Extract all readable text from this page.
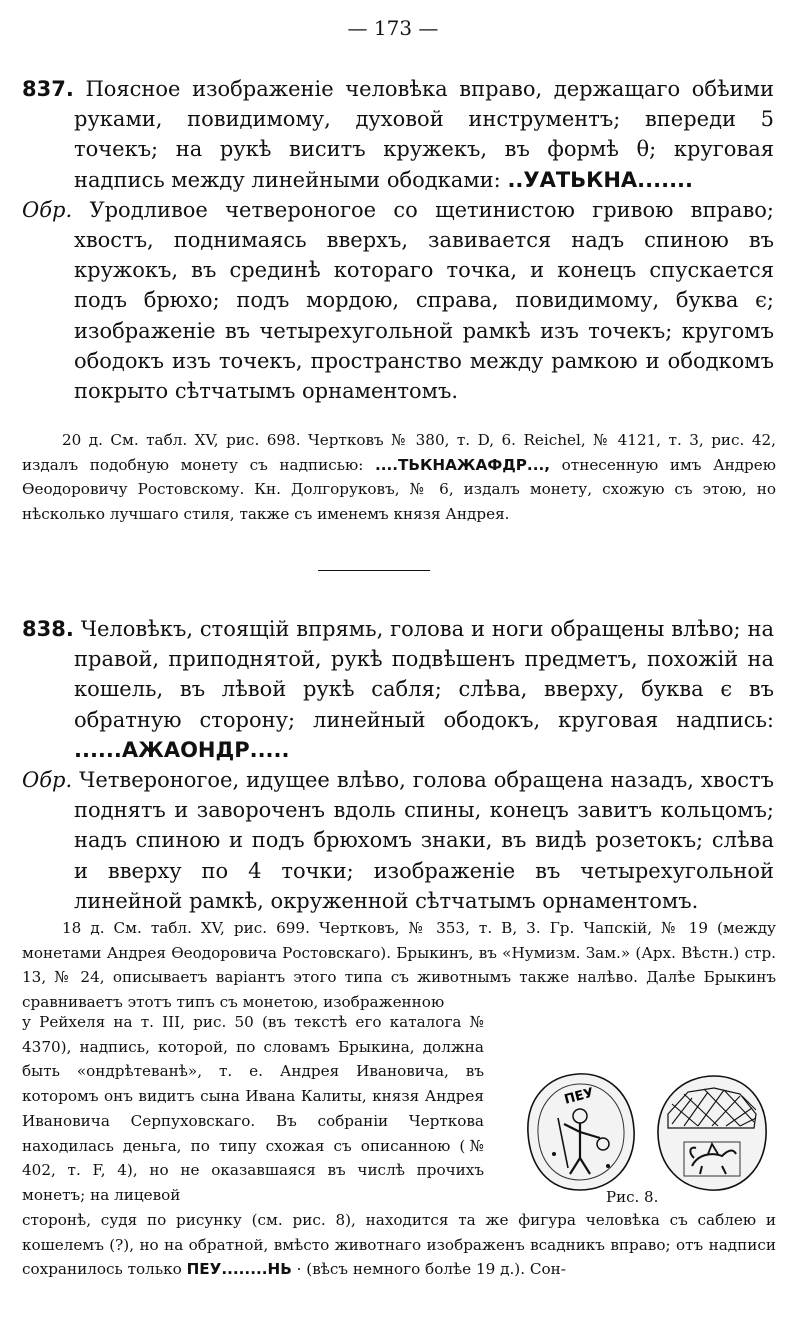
— 173 —

837. Поясное изображеніе человѣка вправо, держащаго обѣими руками, повидимому, духовой инструментъ; впереди 5 точекъ; на рукѣ виситъ кружекъ, въ формѣ θ; круговая надпись между линейными ободками: ..УАТЬКНА.......

Обр. Уродливое четвероногое со щетинистою гривою вправо; хвостъ, поднимаясь вверхъ, завивается надъ спиною въ кружокъ, въ срединѣ котораго точка, и конецъ спускается подъ брюхо; подъ мордою, справа, повидимому, буква є; изображеніе въ четырехугольной рамкѣ изъ точекъ; кругомъ ободокъ изъ точекъ, пространство между рамкою и ободкомъ покрыто сѣтчатымъ орнаментомъ.

20 д. См. табл. XV, рис. 698. Чертковъ № 380, т. D, 6. Reichel, № 4121, т. 3, рис. 42, издалъ подобную монету съ надписью: ....ТЬКНАЖАФДР..., отнесенную имъ Андрею Өеодоровичу Ростовскому. Кн. Долгоруковъ, № 6, издалъ монету, схожую съ этою, но нѣсколько лучшаго стиля, также съ именемъ князя Андрея.

838. Человѣкъ, стоящій впрямь, голова и ноги обращены влѣво; на правой, приподнятой, рукѣ подвѣшенъ предметъ, похожій на кошель, въ лѣвой рукѣ сабля; слѣва, вверху, буква є въ обратную сторону; линейный ободокъ, круговая надпись: ......АЖАОНДР.....

Обр. Четвероногое, идущее влѣво, голова обращена назадъ, хвостъ поднятъ и завороченъ вдоль спины, конецъ завитъ кольцомъ; надъ спиною и подъ брюхомъ знаки, въ видѣ розетокъ; слѣва и вверху по 4 точки; изображеніе въ четырехугольной линейной рамкѣ, окруженной сѣтчатымъ орнаментомъ.

18 д. См. табл. XV, рис. 699. Чертковъ, № 353, т. В, 3. Гр. Чапскій, № 19 (между монетами Андрея Өеодоровича Ростовскаго). Брыкинъ, въ «Нумизм. Зам.» (Арх. Вѣстн.) стр. 13, № 24, описываетъ варіантъ этого типа съ животнымъ также налѣво. Далѣе Брыкинъ сравниваетъ этотъ типъ съ монетою, изображенною

у Рейхеля на т. III, рис. 50 (въ текстѣ его каталога № 4370), надпись, которой, по словамъ Брыкина, должна быть «ондрѣтеванѣ», т. е. Андрея Ивановича, въ которомъ онъ видитъ сына Ивана Калиты, князя Андрея Ивановича Серпуховскаго. Въ собраніи Черткова находилась деньга, по типу схожая съ описанною (№ 402, т. F, 4), но не оказавшаяся въ числѣ прочихъ монетъ; на лицевой
ПЕУ
Рис. 8.
сторонѣ, судя по рисунку (см. рис. 8), находится та же фигура человѣка съ саблею и кошелемъ (?), но на обратной, вмѣсто животнаго изображенъ всадникъ вправо; отъ надписи сохранилось только ПЕУ........НЬ · (вѣсъ немного болѣе 19 д.). Сон-
